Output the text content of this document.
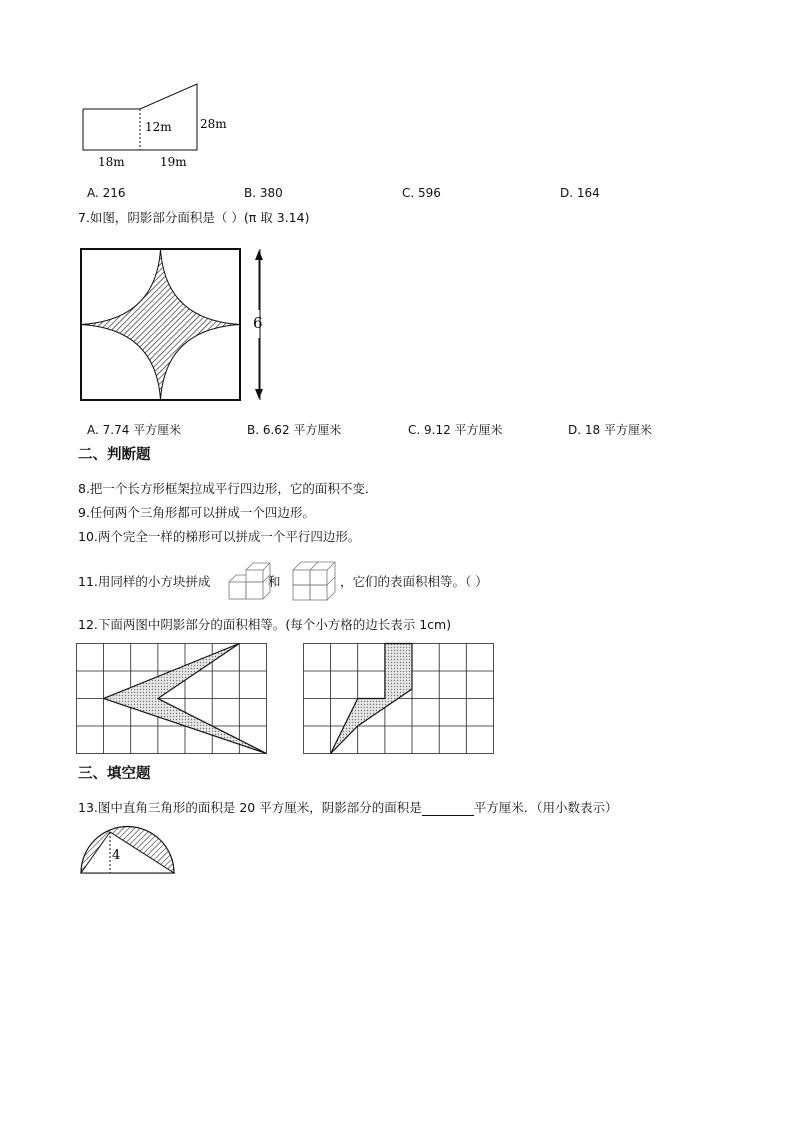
12m 28m
18m	19m
A. 216	B. 380	C. 596	D. 164
7.如图，阴影部分面积是（ ）(π 取 3.14)
6
A. 7.74 平方厘米	B. 6.62 平方厘米	C. 9.12 平方厘米	D. 18 平方厘米
二、判断题
8.把一个长方形框架拉成平行四边形，它的面积不变．
9.任何两个三角形都可以拼成一个四边形。
10.两个完全一样的梯形可以拼成一个平行四边形。
11.用同样的小方块拼成	和	，它们的表面积相等。（ ）
12.下面两图中阴影部分的面积相等。(每个小方格的边长表示 1cm)
三、填空题
13.图中直角三角形的面积是 20 平方厘米，阴影部分的面积是	平方厘米．（用小数表示）
4
